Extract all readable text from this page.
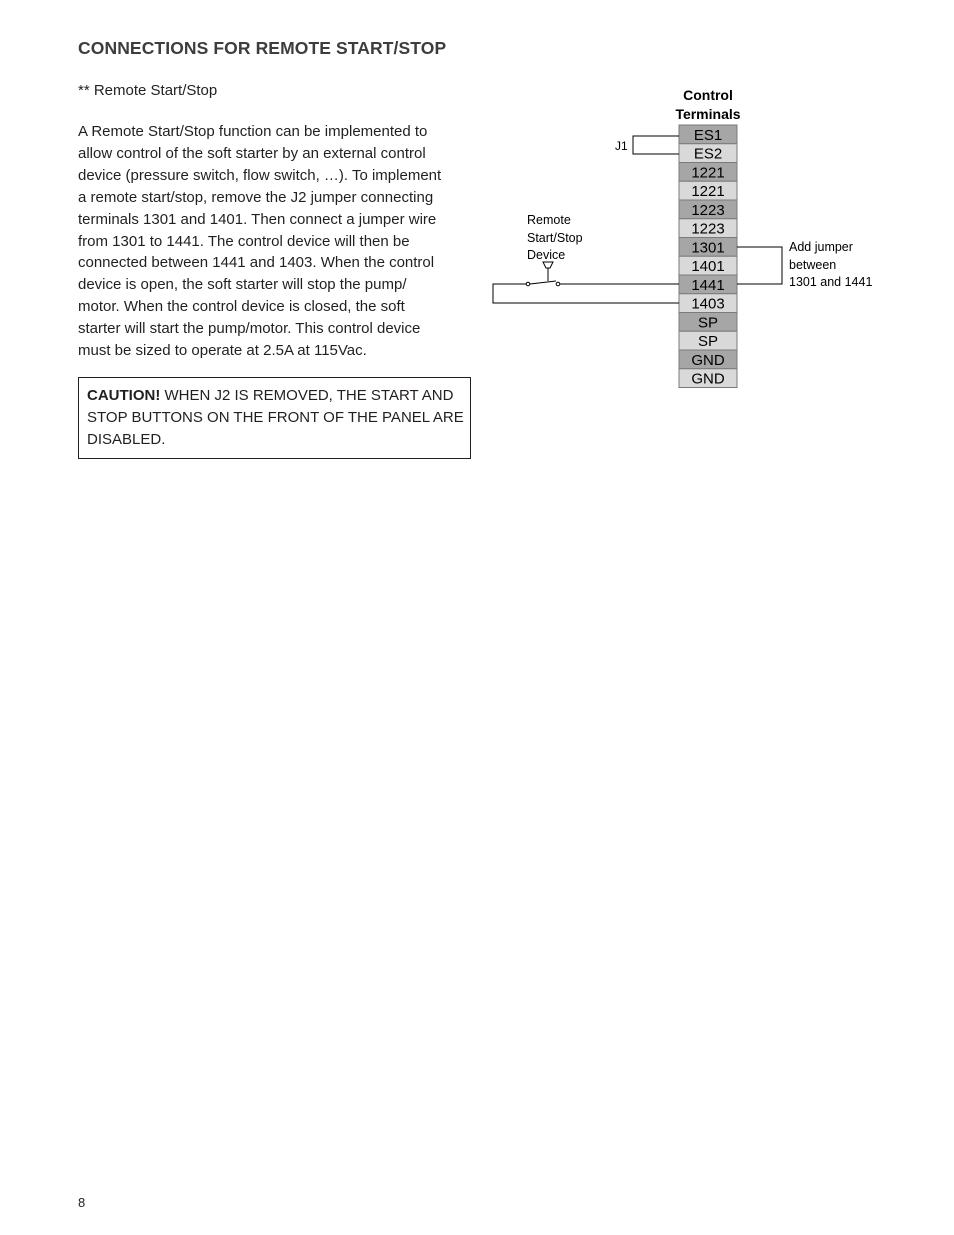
CONNECTIONS FOR REMOTE START/STOP
** Remote Start/Stop
A Remote Start/Stop function can be implemented to
allow control of the soft starter by an external control
device (pressure switch, flow switch, …). To implement
a remote start/stop, remove the J2 jumper connecting
terminals 1301 and 1401. Then connect a jumper wire
from 1301 to 1441. The control device will then be
connected between 1441 and 1403. When the control
device is open, the soft starter will stop the pump/
motor. When the control device is closed, the soft
starter will start the pump/motor. This control device
must be sized to operate at 2.5A at 115Vac.
CAUTION! WHEN J2 IS REMOVED, THE START AND
STOP BUTTONS ON THE FRONT OF THE PANEL ARE
DISABLED.
Control
Terminals
ES1
ES2
1221
1221
1223
1223
1301
1401
1441
1403
SP
SP
GND
GND
J1
Remote
Start/Stop
Device
Add jumper
between
1301 and 1441
8
